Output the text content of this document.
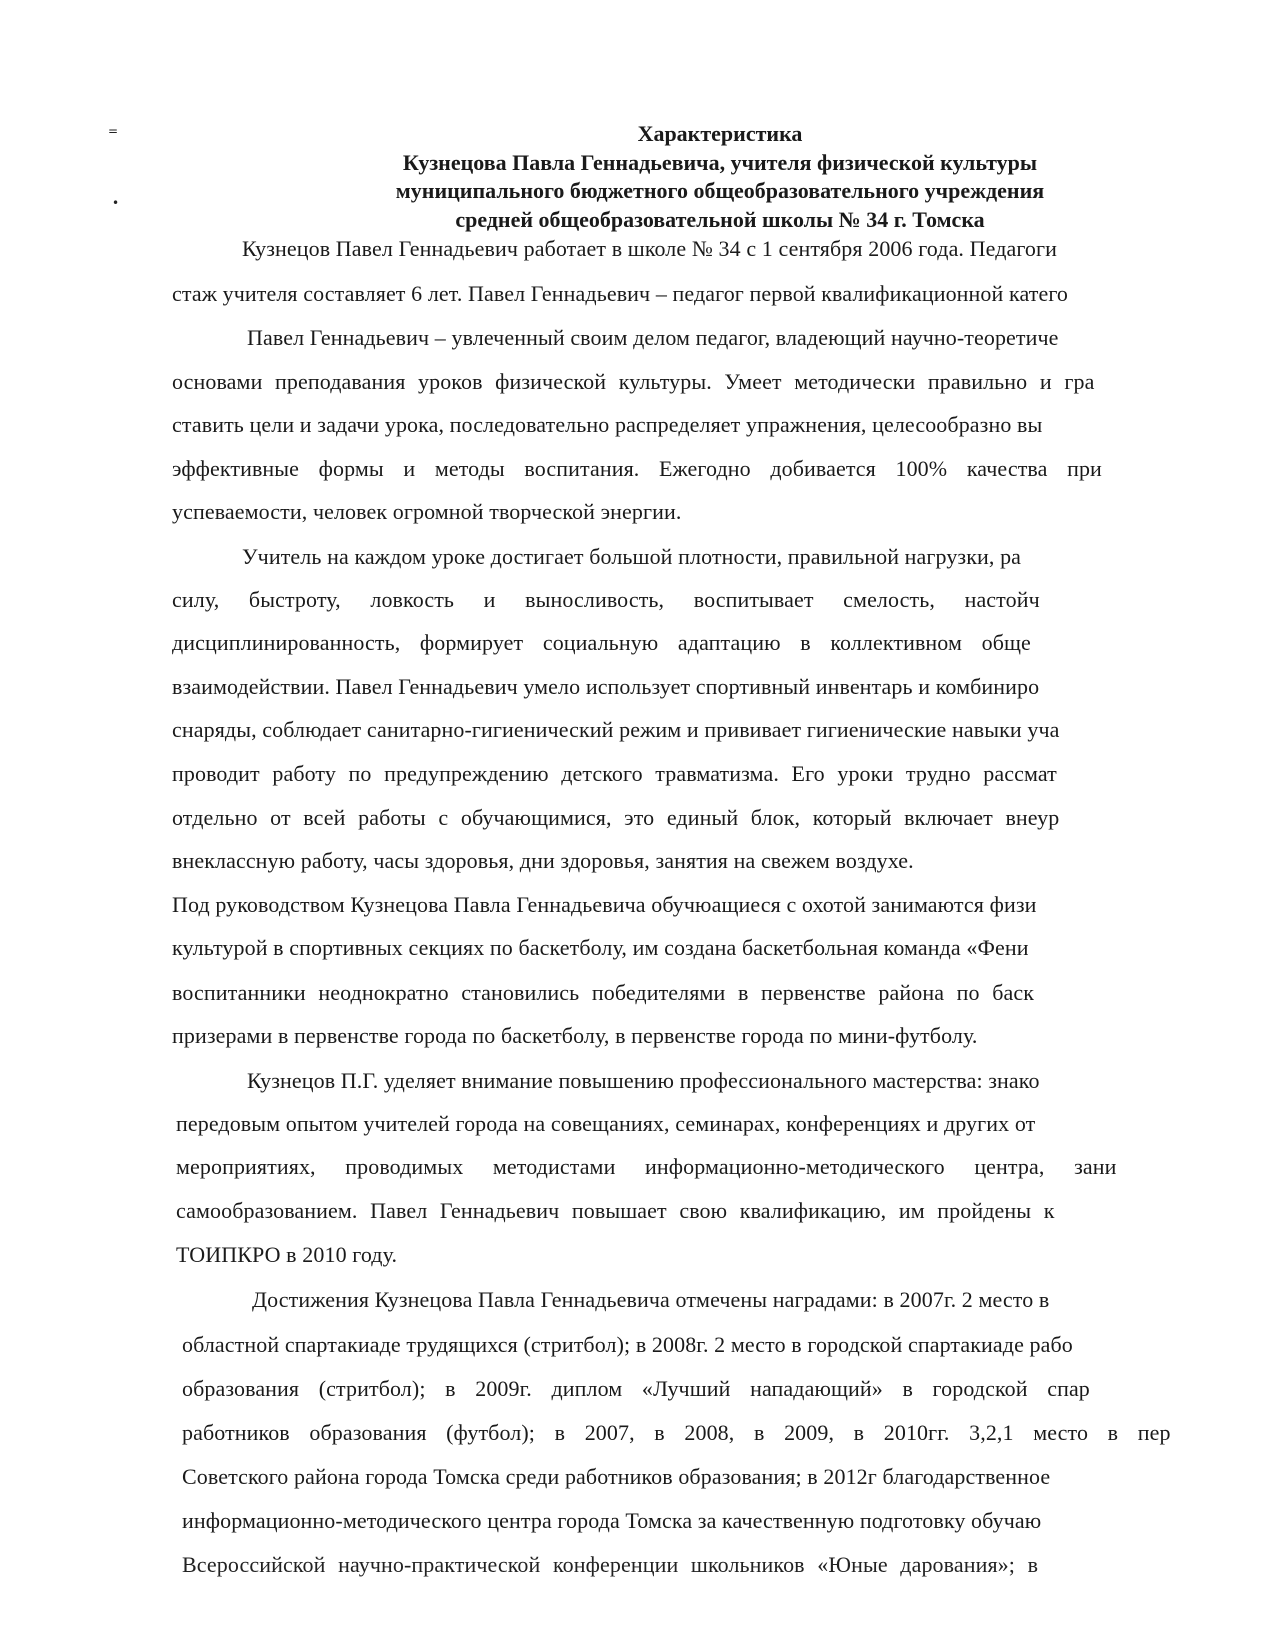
=
•
Характеристика
Кузнецова Павла Геннадьевича, учителя физической культуры
муниципального бюджетного общеобразовательного учреждения
средней общеобразовательной школы № 34 г. Томска
Кузнецов Павел Геннадьевич работает в школе № 34 с 1 сентября 2006 года. Педагоги
стаж учителя составляет 6 лет. Павел Геннадьевич – педагог первой квалификационной катего
Павел Геннадьевич – увлеченный своим делом педагог, владеющий научно-теоретиче
основами преподавания уроков физической культуры. Умеет методически правильно и гра
ставить цели и задачи урока, последовательно распределяет упражнения, целесообразно вы
эффективные формы и методы воспитания. Ежегодно добивается 100% качества при
успеваемости, человек огромной творческой энергии.
Учитель на каждом уроке достигает большой плотности, правильной нагрузки, ра
силу, быстроту, ловкость и выносливость, воспитывает смелость, настойч
дисциплинированность, формирует социальную адаптацию в коллективном обще
взаимодействии. Павел Геннадьевич умело использует спортивный инвентарь и комбиниро
снаряды, соблюдает санитарно-гигиенический режим и прививает гигиенические навыки уча
проводит работу по предупреждению детского травматизма. Его уроки трудно рассмат
отдельно от всей работы с обучающимися, это единый блок, который включает внеур
внеклассную работу, часы здоровья, дни здоровья, занятия на свежем воздухе.
Под руководством Кузнецова Павла Геннадьевича обучюащиеся с охотой занимаются физи
культурой в спортивных секциях по баскетболу, им создана баскетбольная команда «Фени
воспитанники неоднократно становились победителями в первенстве района по баск
призерами в первенстве города по баскетболу, в первенстве города по мини-футболу.
Кузнецов П.Г. уделяет внимание повышению профессионального мастерства: знако
передовым опытом учителей города на совещаниях, семинарах, конференциях и других от
мероприятиях, проводимых методистами информационно-методического центра, зани
самообразованием. Павел Геннадьевич повышает свою квалификацию, им пройдены к
ТОИПКРО в 2010 году.
Достижения Кузнецова Павла Геннадьевича отмечены наградами: в 2007г. 2 место в
областной спартакиаде трудящихся (стритбол); в 2008г. 2 место в городской спартакиаде рабо
образования (стритбол); в 2009г. диплом «Лучший нападающий» в городской спар
работников образования (футбол); в 2007, в 2008, в 2009, в 2010гг. 3,2,1 место в пер
Советского района города Томска среди работников образования; в 2012г благодарственное
информационно-методического центра города Томска за качественную подготовку обучаю
Всероссийской научно-практической конференции школьников «Юные дарования»; в
